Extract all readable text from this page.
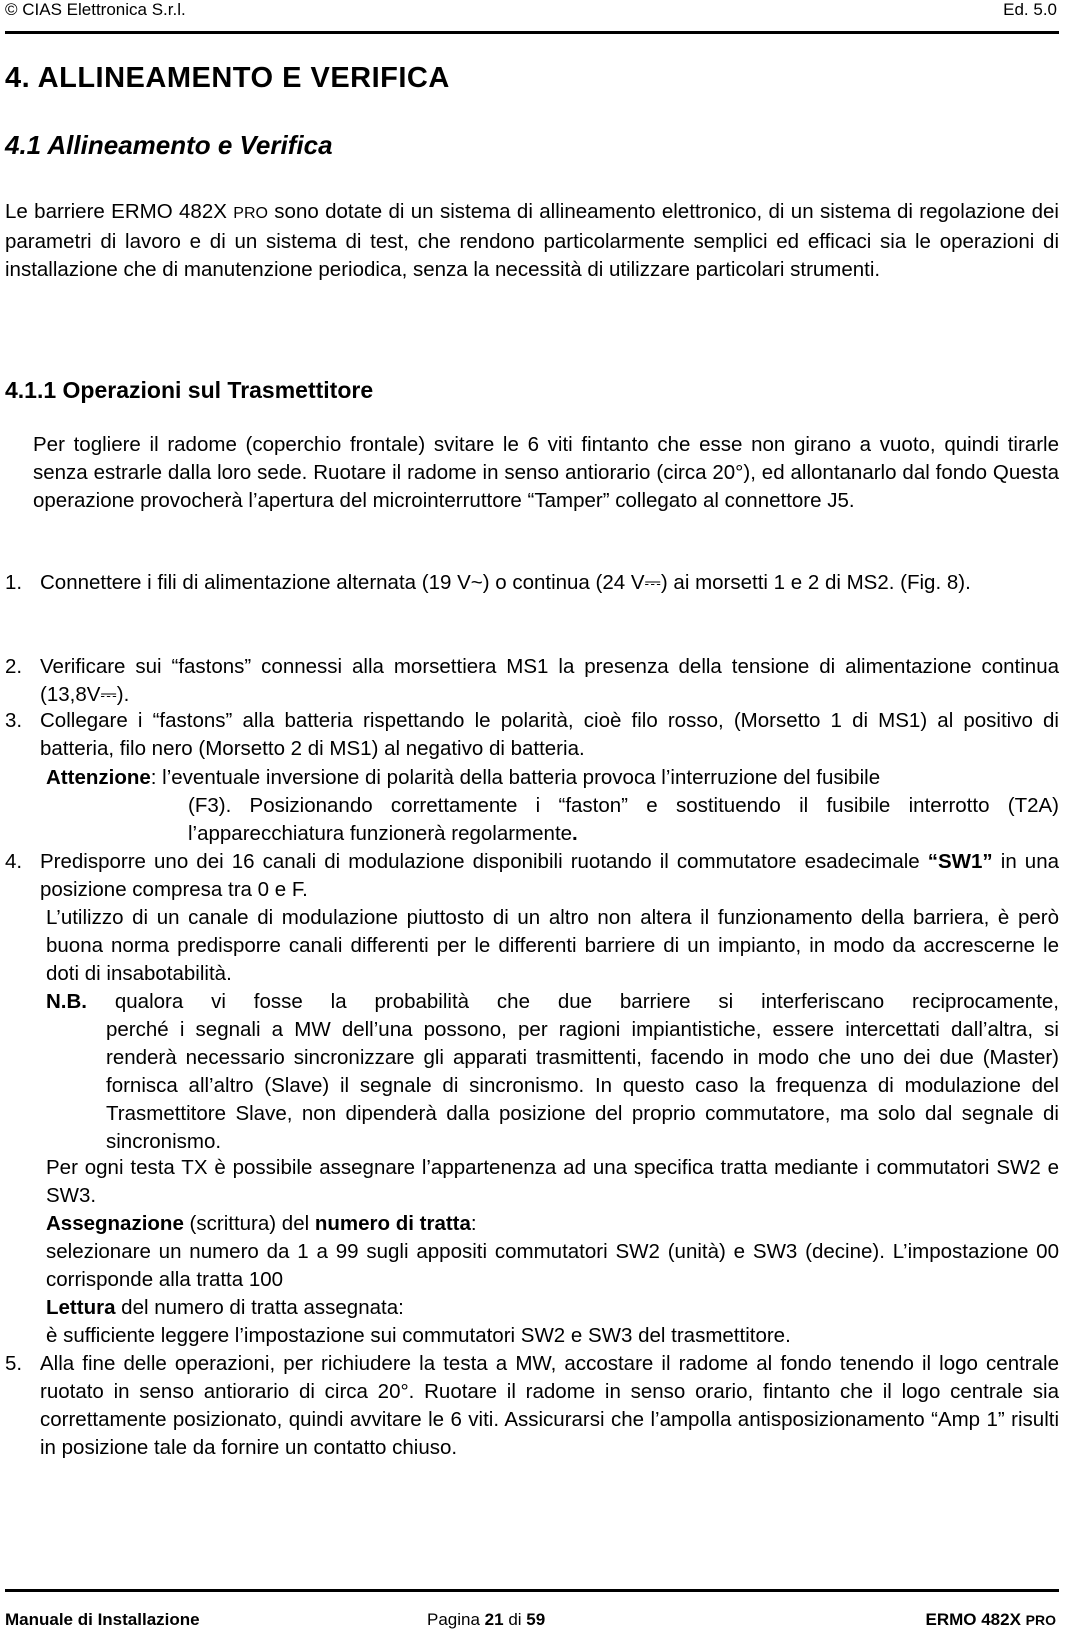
© CIAS Elettronica S.r.l.	Ed. 5.0
4. ALLINEAMENTO E VERIFICA
4.1 Allineamento e Verifica
Le barriere ERMO 482X PRO sono dotate di un sistema di allineamento elettronico, di un sistema di regolazione dei parametri di lavoro e di un sistema di test, che rendono particolarmente semplici ed efficaci sia le operazioni di installazione che di manutenzione periodica, senza la necessità di utilizzare particolari strumenti.
4.1.1 Operazioni sul Trasmettitore
Per togliere il radome (coperchio frontale) svitare le 6 viti fintanto che esse non girano a vuoto, quindi tirarle senza estrarle dalla loro sede. Ruotare il radome in senso antiorario (circa 20°), ed allontanarlo dal fondo Questa operazione provocherà l’apertura del microinterruttore “Tamper” collegato al connettore J5.
1. Connettere i fili di alimentazione alternata (19 V~) o continua (24 V⎓) ai morsetti 1 e 2 di MS2. (Fig. 8).
2. Verificare sui “fastons” connessi alla morsettiera MS1 la presenza della tensione di alimentazione continua (13,8V⎓).
3. Collegare i “fastons” alla batteria rispettando le polarità, cioè filo rosso, (Morsetto 1 di MS1) al positivo di batteria, filo nero (Morsetto 2 di MS1) al negativo di batteria.
Attenzione: l’eventuale inversione di polarità della batteria provoca l’interruzione del fusibile
(F3). Posizionando correttamente i “faston” e sostituendo il fusibile interrotto (T2A) l’apparecchiatura funzionerà regolarmente.
4. Predisporre uno dei 16 canali di modulazione disponibili ruotando il commutatore esadecimale “SW1” in una posizione compresa tra 0 e F.
L’utilizzo di un canale di modulazione piuttosto di un altro non altera il funzionamento della barriera, è però buona norma predisporre canali differenti per le differenti barriere di un impianto, in modo da accrescerne le doti di insabotabilità.
N.B. qualora vi fosse la probabilità che due barriere si interferiscano reciprocamente,
perché i segnali a MW dell’una possono, per ragioni impiantistiche, essere intercettati dall’altra, si renderà necessario sincronizzare gli apparati trasmittenti, facendo in modo che uno dei due (Master) fornisca all’altro (Slave) il segnale di sincronismo. In questo caso la frequenza di modulazione del Trasmettitore Slave, non dipenderà dalla posizione del proprio commutatore, ma solo dal segnale di sincronismo.
Per ogni testa TX è possibile assegnare l’appartenenza ad una specifica tratta mediante i commutatori SW2 e SW3.
Assegnazione (scrittura) del numero di tratta:
selezionare un numero da 1 a 99 sugli appositi commutatori SW2 (unità) e SW3 (decine). L’impostazione 00 corrisponde alla tratta 100
Lettura del numero di tratta assegnata:
è sufficiente leggere l’impostazione sui commutatori SW2 e SW3 del trasmettitore.
5. Alla fine delle operazioni, per richiudere la testa a MW, accostare il radome al fondo tenendo il logo centrale ruotato in senso antiorario di circa 20°. Ruotare il radome in senso orario, fintanto che il logo centrale sia correttamente posizionato, quindi avvitare le 6 viti. Assicurarsi che l’ampolla antisposizionamento “Amp 1” risulti in posizione tale da fornire un contatto chiuso.
Manuale di Installazione	Pagina 21 di 59	ERMO 482X PRO
